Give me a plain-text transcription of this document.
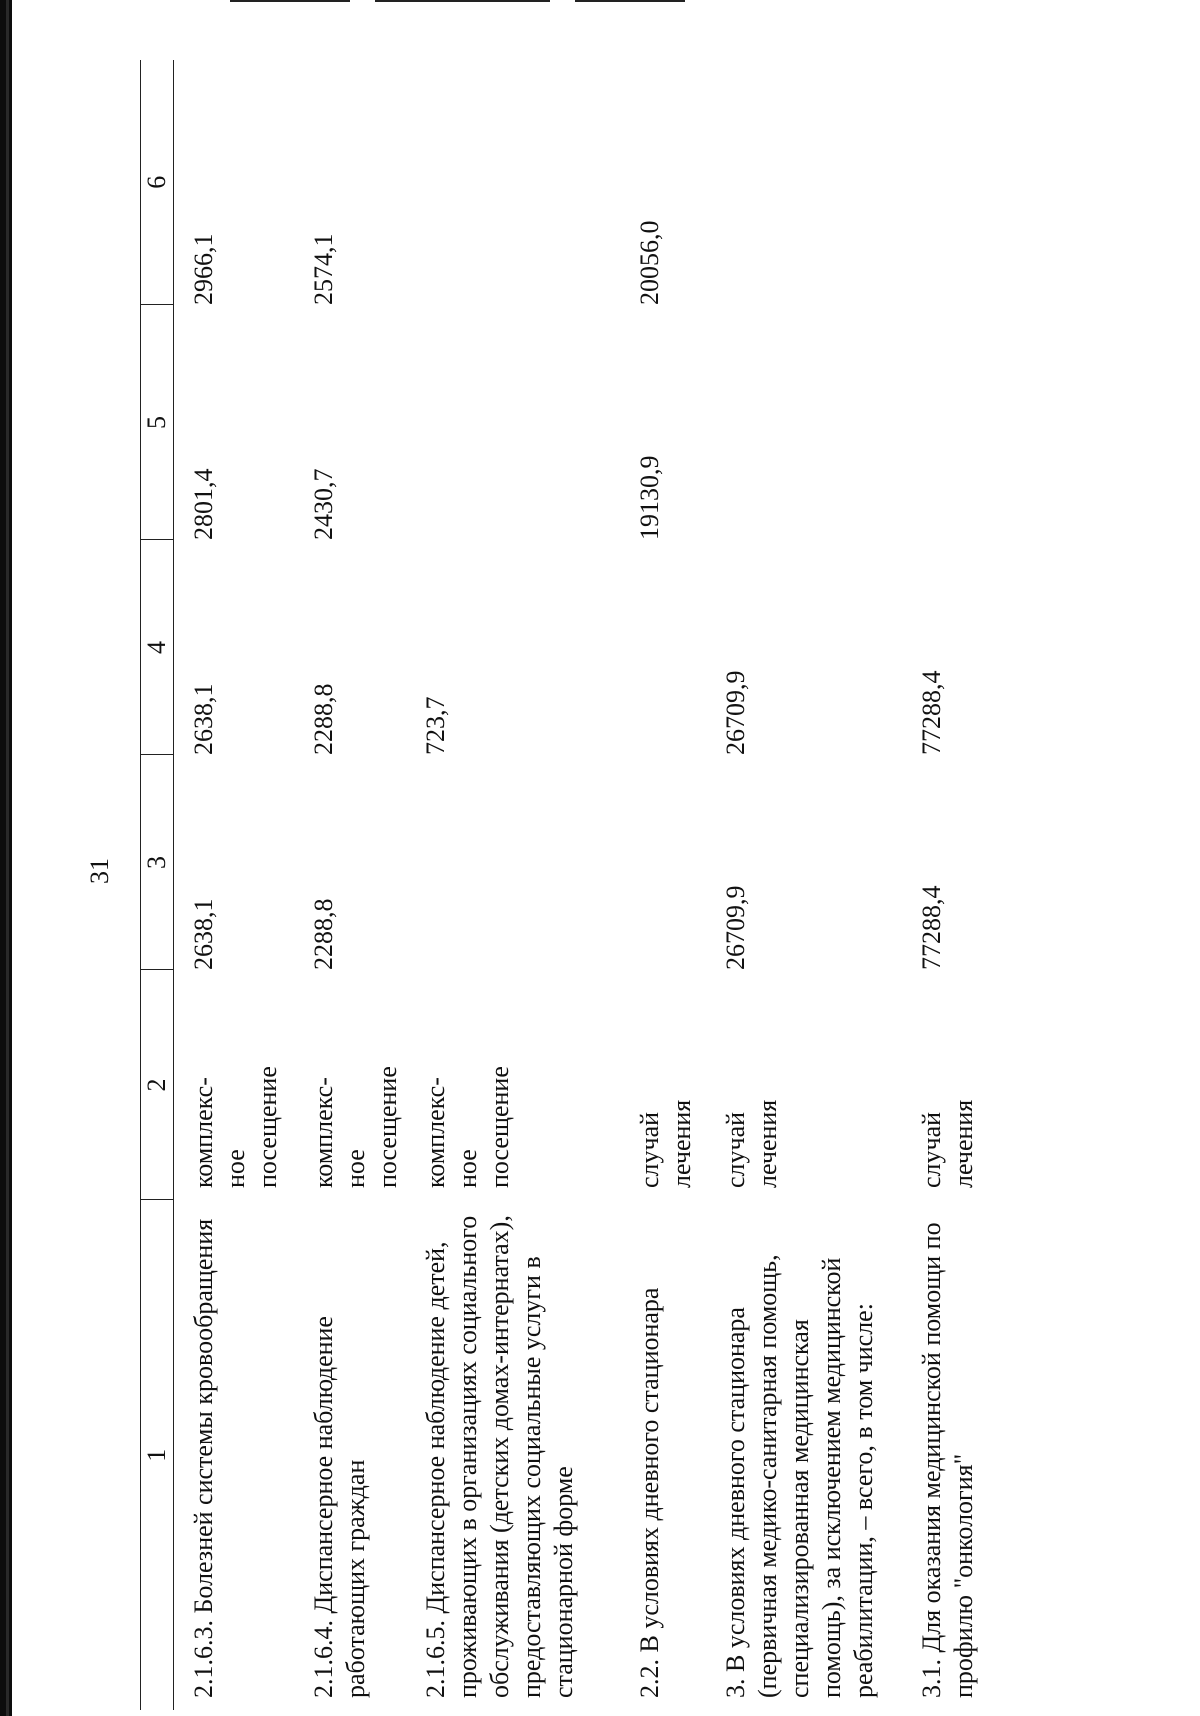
31
1	2	3	4	5	6
2.1.6.3. Болезней системы кровообращения	комплекс- ное посещение	2638,1	2638,1	2801,4	2966,1
2.1.6.4. Диспансерное наблюдение работающих граждан	комплекс- ное посещение	2288,8	2288,8	2430,7	2574,1
2.1.6.5. Диспансерное наблюдение детей, проживающих в организациях социального обслуживания (детских домах-интернатах), предоставляющих социальные услуги в стационарной форме	комплекс- ное посещение		723,7		
2.2. В условиях дневного стационара	случай лечения			19130,9	20056,0
3. В условиях дневного стационара (первичная медико-санитарная помощь, специализированная медицинская помощь), за исключением медицинской реабилитации, – всего, в том числе:	случай лечения	26709,9	26709,9		
3.1. Для оказания медицинской помощи по профилю "онкология"	случай лечения	77288,4	77288,4		
